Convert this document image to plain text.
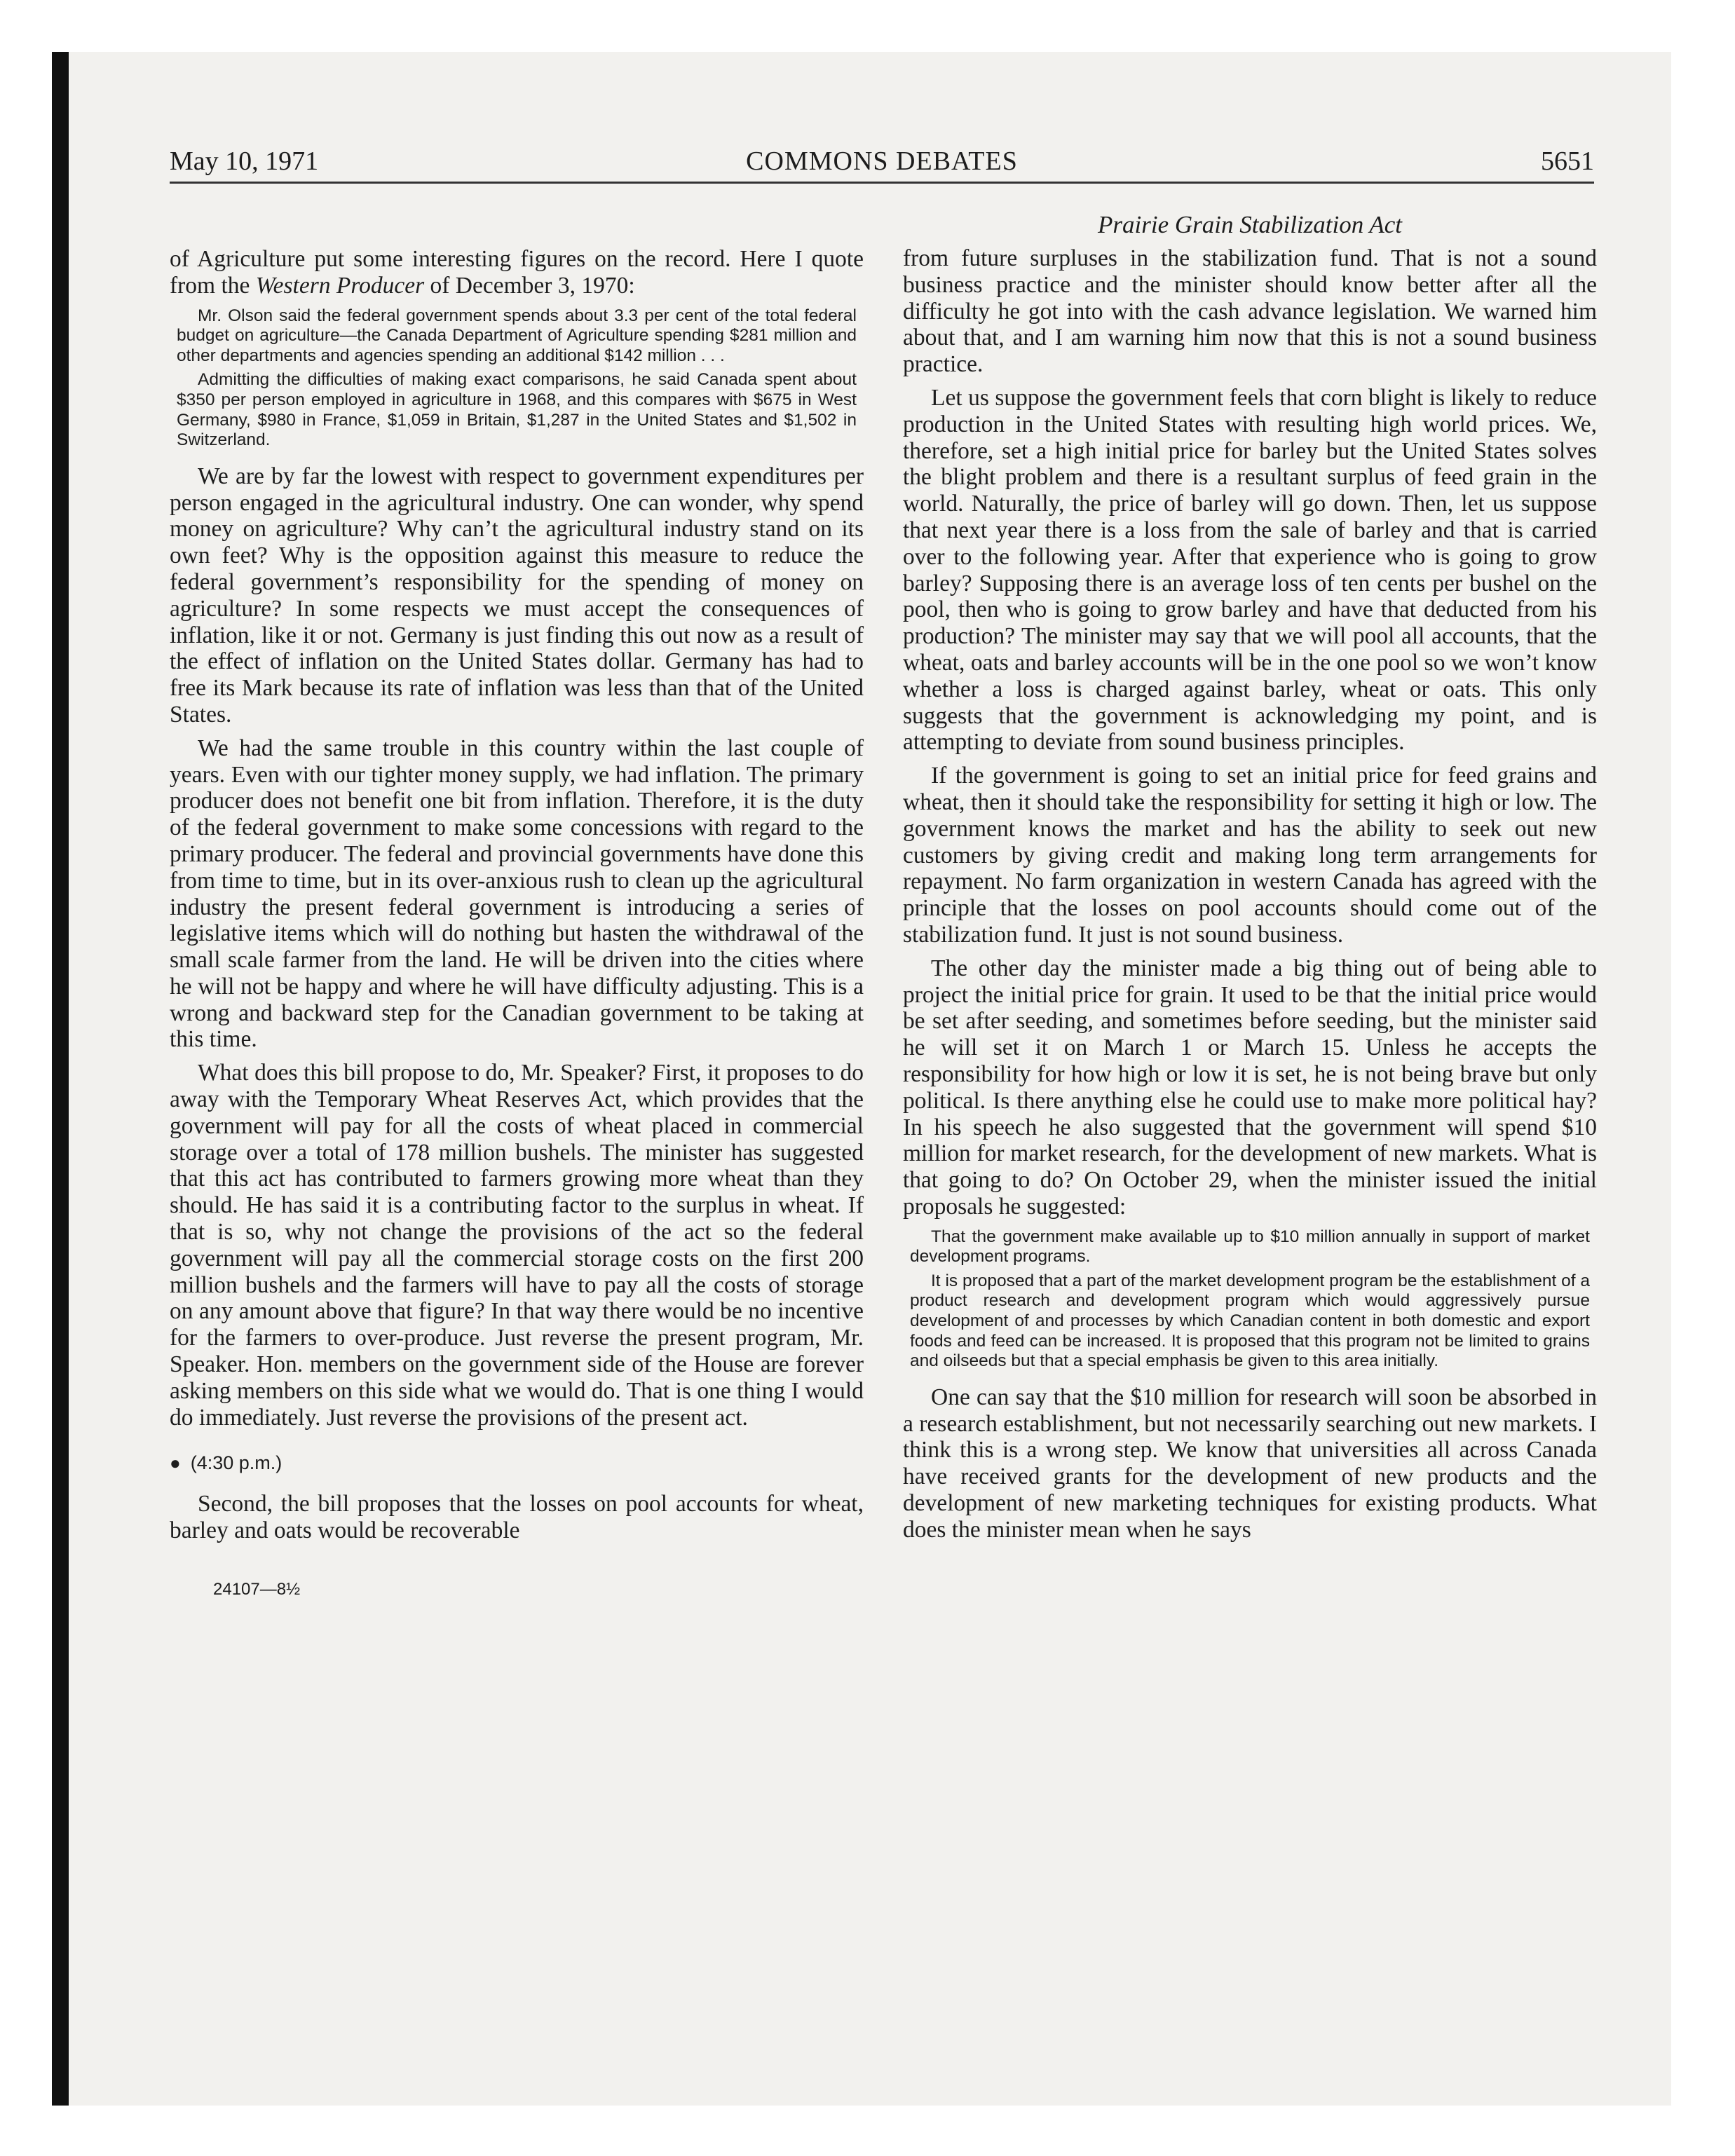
May 10, 1971	COMMONS DEBATES	5651

of Agriculture put some interesting figures on the record. Here I quote from the Western Producer of December 3, 1970:

Mr. Olson said the federal government spends about 3.3 per cent of the total federal budget on agriculture—the Canada Department of Agriculture spending $281 million and other departments and agencies spending an additional $142 million . . .
Admitting the difficulties of making exact comparisons, he said Canada spent about $350 per person employed in agriculture in 1968, and this compares with $675 in West Germany, $980 in France, $1,059 in Britain, $1,287 in the United States and $1,502 in Switzerland.

We are by far the lowest with respect to government expenditures per person engaged in the agricultural industry. One can wonder, why spend money on agriculture? Why can’t the agricultural industry stand on its own feet? Why is the opposition against this measure to reduce the federal government’s responsibility for the spending of money on agriculture? In some respects we must accept the consequences of inflation, like it or not. Germany is just finding this out now as a result of the effect of inflation on the United States dollar. Germany has had to free its Mark because its rate of inflation was less than that of the United States.

We had the same trouble in this country within the last couple of years. Even with our tighter money supply, we had inflation. The primary producer does not benefit one bit from inflation. Therefore, it is the duty of the federal government to make some concessions with regard to the primary producer. The federal and provincial governments have done this from time to time, but in its over-anxious rush to clean up the agricultural industry the present federal government is introducing a series of legislative items which will do nothing but hasten the withdrawal of the small scale farmer from the land. He will be driven into the cities where he will not be happy and where he will have difficulty adjusting. This is a wrong and backward step for the Canadian government to be taking at this time.

What does this bill propose to do, Mr. Speaker? First, it proposes to do away with the Temporary Wheat Reserves Act, which provides that the government will pay for all the costs of wheat placed in commercial storage over a total of 178 million bushels. The minister has suggested that this act has contributed to farmers growing more wheat than they should. He has said it is a contributing factor to the surplus in wheat. If that is so, why not change the provisions of the act so the federal government will pay all the commercial storage costs on the first 200 million bushels and the farmers will have to pay all the costs of storage on any amount above that figure? In that way there would be no incentive for the farmers to over-produce. Just reverse the present program, Mr. Speaker. Hon. members on the government side of the House are forever asking members on this side what we would do. That is one thing I would do immediately. Just reverse the provisions of the present act.

● (4:30 p.m.)

Second, the bill proposes that the losses on pool accounts for wheat, barley and oats would be recoverable

24107—8½
Prairie Grain Stabilization Act

from future surpluses in the stabilization fund. That is not a sound business practice and the minister should know better after all the difficulty he got into with the cash advance legislation. We warned him about that, and I am warning him now that this is not a sound business practice.

Let us suppose the government feels that corn blight is likely to reduce production in the United States with resulting high world prices. We, therefore, set a high initial price for barley but the United States solves the blight problem and there is a resultant surplus of feed grain in the world. Naturally, the price of barley will go down. Then, let us suppose that next year there is a loss from the sale of barley and that is carried over to the following year. After that experience who is going to grow barley? Supposing there is an average loss of ten cents per bushel on the pool, then who is going to grow barley and have that deducted from his production? The minister may say that we will pool all accounts, that the wheat, oats and barley accounts will be in the one pool so we won’t know whether a loss is charged against barley, wheat or oats. This only suggests that the government is acknowledging my point, and is attempting to deviate from sound business principles.

If the government is going to set an initial price for feed grains and wheat, then it should take the responsibility for setting it high or low. The government knows the market and has the ability to seek out new customers by giving credit and making long term arrangements for repayment. No farm organization in western Canada has agreed with the principle that the losses on pool accounts should come out of the stabilization fund. It just is not sound business.

The other day the minister made a big thing out of being able to project the initial price for grain. It used to be that the initial price would be set after seeding, and sometimes before seeding, but the minister said he will set it on March 1 or March 15. Unless he accepts the responsibility for how high or low it is set, he is not being brave but only political. Is there anything else he could use to make more political hay? In his speech he also suggested that the government will spend $10 million for market research, for the development of new markets. What is that going to do? On October 29, when the minister issued the initial proposals he suggested:

That the government make available up to $10 million annually in support of market development programs.
It is proposed that a part of the market development program be the establishment of a product research and development program which would aggressively pursue development of and processes by which Canadian content in both domestic and export foods and feed can be increased. It is proposed that this program not be limited to grains and oilseeds but that a special emphasis be given to this area initially.

One can say that the $10 million for research will soon be absorbed in a research establishment, but not necessarily searching out new markets. I think this is a wrong step. We know that universities all across Canada have received grants for the development of new products and the development of new marketing techniques for existing products. What does the minister mean when he says
